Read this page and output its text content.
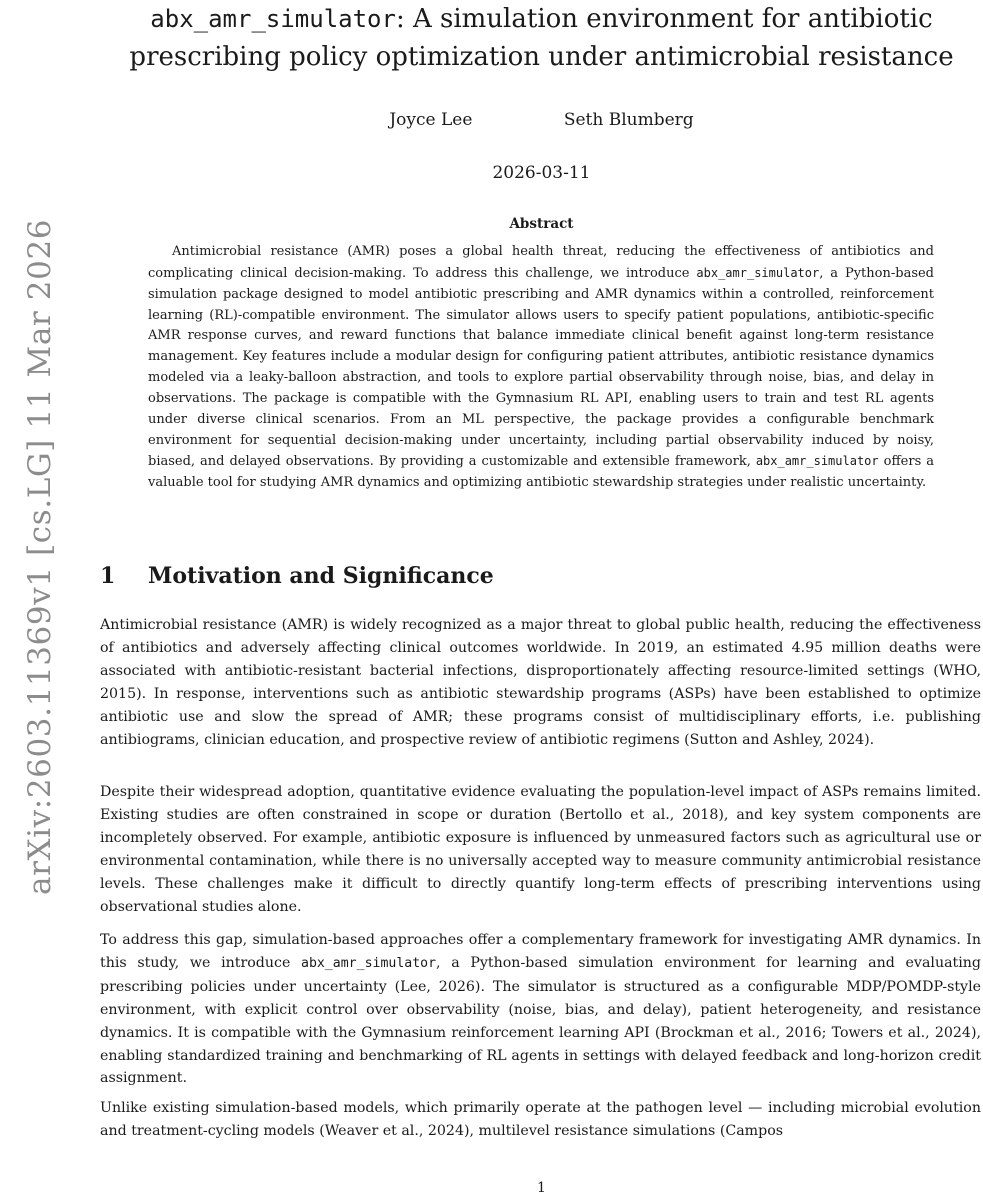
arXiv:2603.11369v1 [cs.LG] 11 Mar 2026
abx_amr_simulator: A simulation environment for antibiotic prescribing policy optimization under antimicrobial resistance
Joyce Lee	Seth Blumberg
2026-03-11
Abstract

Antimicrobial resistance (AMR) poses a global health threat, reducing the effectiveness of antibiotics and complicating clinical decision-making. To address this challenge, we introduce abx_amr_simulator, a Python-based simulation package designed to model antibiotic prescribing and AMR dynamics within a controlled, reinforcement learning (RL)-compatible environment. The simulator allows users to specify patient populations, antibiotic-specific AMR response curves, and reward functions that balance immediate clinical benefit against long-term resistance management. Key features include a modular design for configuring patient attributes, antibiotic resistance dynamics modeled via a leaky-balloon abstraction, and tools to explore partial observability through noise, bias, and delay in observations. The package is compatible with the Gymnasium RL API, enabling users to train and test RL agents under diverse clinical scenarios. From an ML perspective, the package provides a configurable benchmark environment for sequential decision-making under uncertainty, including partial observability induced by noisy, biased, and delayed observations. By providing a customizable and extensible framework, abx_amr_simulator offers a valuable tool for studying AMR dynamics and optimizing antibiotic stewardship strategies under realistic uncertainty.

1 Motivation and Significance

Antimicrobial resistance (AMR) is widely recognized as a major threat to global public health, reducing the effectiveness of antibiotics and adversely affecting clinical outcomes worldwide. In 2019, an estimated 4.95 million deaths were associated with antibiotic-resistant bacterial infections, disproportionately affecting resource-limited settings (WHO, 2015). In response, interventions such as antibiotic stewardship programs (ASPs) have been established to optimize antibiotic use and slow the spread of AMR; these programs consist of multidisciplinary efforts, i.e. publishing antibiograms, clinician education, and prospective review of antibiotic regimens (Sutton and Ashley, 2024).

Despite their widespread adoption, quantitative evidence evaluating the population-level impact of ASPs remains limited. Existing studies are often constrained in scope or duration (Bertollo et al., 2018), and key system components are incompletely observed. For example, antibiotic exposure is influenced by unmeasured factors such as agricultural use or environmental contamination, while there is no universally accepted way to measure community antimicrobial resistance levels. These challenges make it difficult to directly quantify long-term effects of prescribing interventions using observational studies alone.

To address this gap, simulation-based approaches offer a complementary framework for investigating AMR dynamics. In this study, we introduce abx_amr_simulator, a Python-based simulation environment for learning and evaluating prescribing policies under uncertainty (Lee, 2026). The simulator is structured as a configurable MDP/POMDP-style environment, with explicit control over observability (noise, bias, and delay), patient heterogeneity, and resistance dynamics. It is compatible with the Gymnasium reinforcement learning API (Brockman et al., 2016; Towers et al., 2024), enabling standardized training and benchmarking of RL agents in settings with delayed feedback and long-horizon credit assignment.

Unlike existing simulation-based models, which primarily operate at the pathogen level — including microbial evolution and treatment-cycling models (Weaver et al., 2024), multilevel resistance simulations (Campos

1
